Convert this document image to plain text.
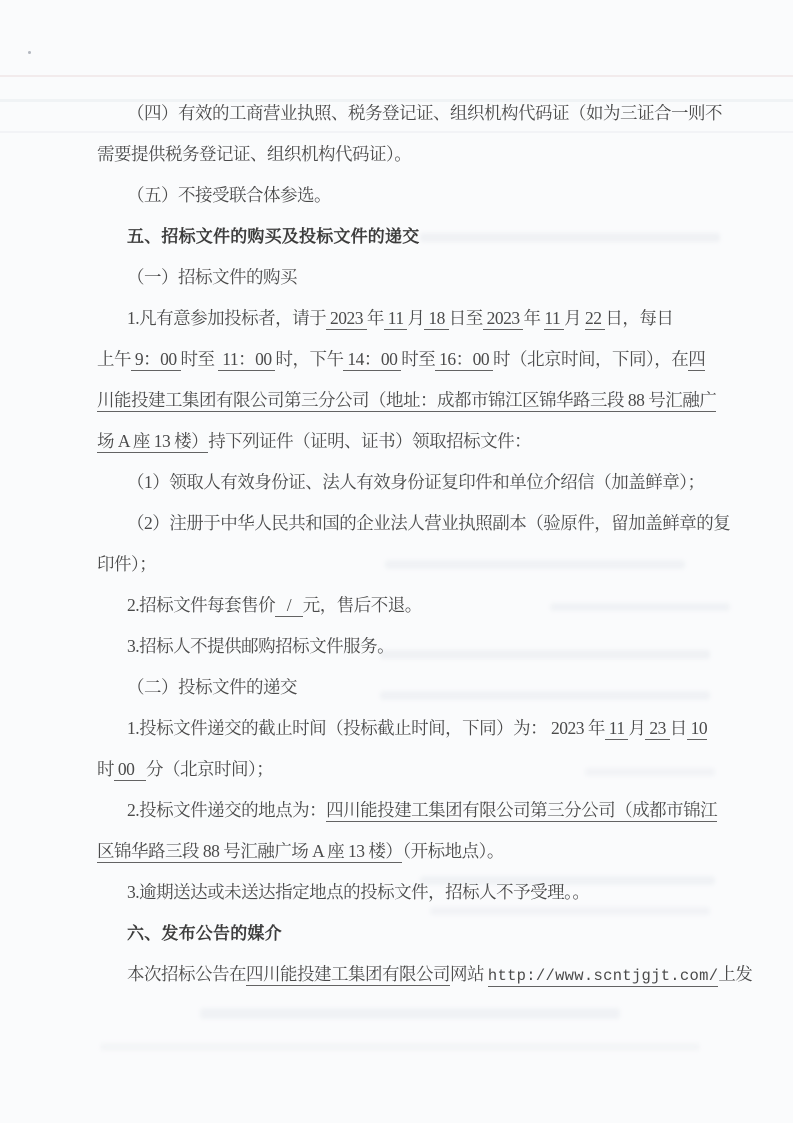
（四）有效的工商营业执照、税务登记证、组织机构代码证（如为三证合一则不

需要提供税务登记证、组织机构代码证）。

（五）不接受联合体参选。

五、招标文件的购买及投标文件的递交

（一）招标文件的购买

1.凡有意参加投标者，请于 2023 年 11 月 18 日至 2023 年 11 月 22 日，每日

上午 9：00 时至  11：00 时，下午 14：00 时至 16：00 时（北京时间，下同），在四

川能投建工集团有限公司第三分公司（地址：成都市锦江区锦华路三段 88 号汇融广

场 A 座 13 楼）持下列证件（证明、证书）领取招标文件：

（1）领取人有效身份证、法人有效身份证复印件和单位介绍信（加盖鲜章）；

（2）注册于中华人民共和国的企业法人营业执照副本（验原件，留加盖鲜章的复

印件）；

2.招标文件每套售价   /   元，售后不退。

3.招标人不提供邮购招标文件服务。

（二）投标文件的递交

1.投标文件递交的截止时间（投标截止时间，下同）为： 2023 年 11 月 23 日 10

时 00   分（北京时间）；

2.投标文件递交的地点为：四川能投建工集团有限公司第三分公司（成都市锦江

区锦华路三段 88 号汇融广场 A 座 13 楼）（开标地点）。

3.逾期送达或未送达指定地点的投标文件，招标人不予受理。。

六、发布公告的媒介

本次招标公告在四川能投建工集团有限公司网站 http://www.scntjgjt.com/上发
